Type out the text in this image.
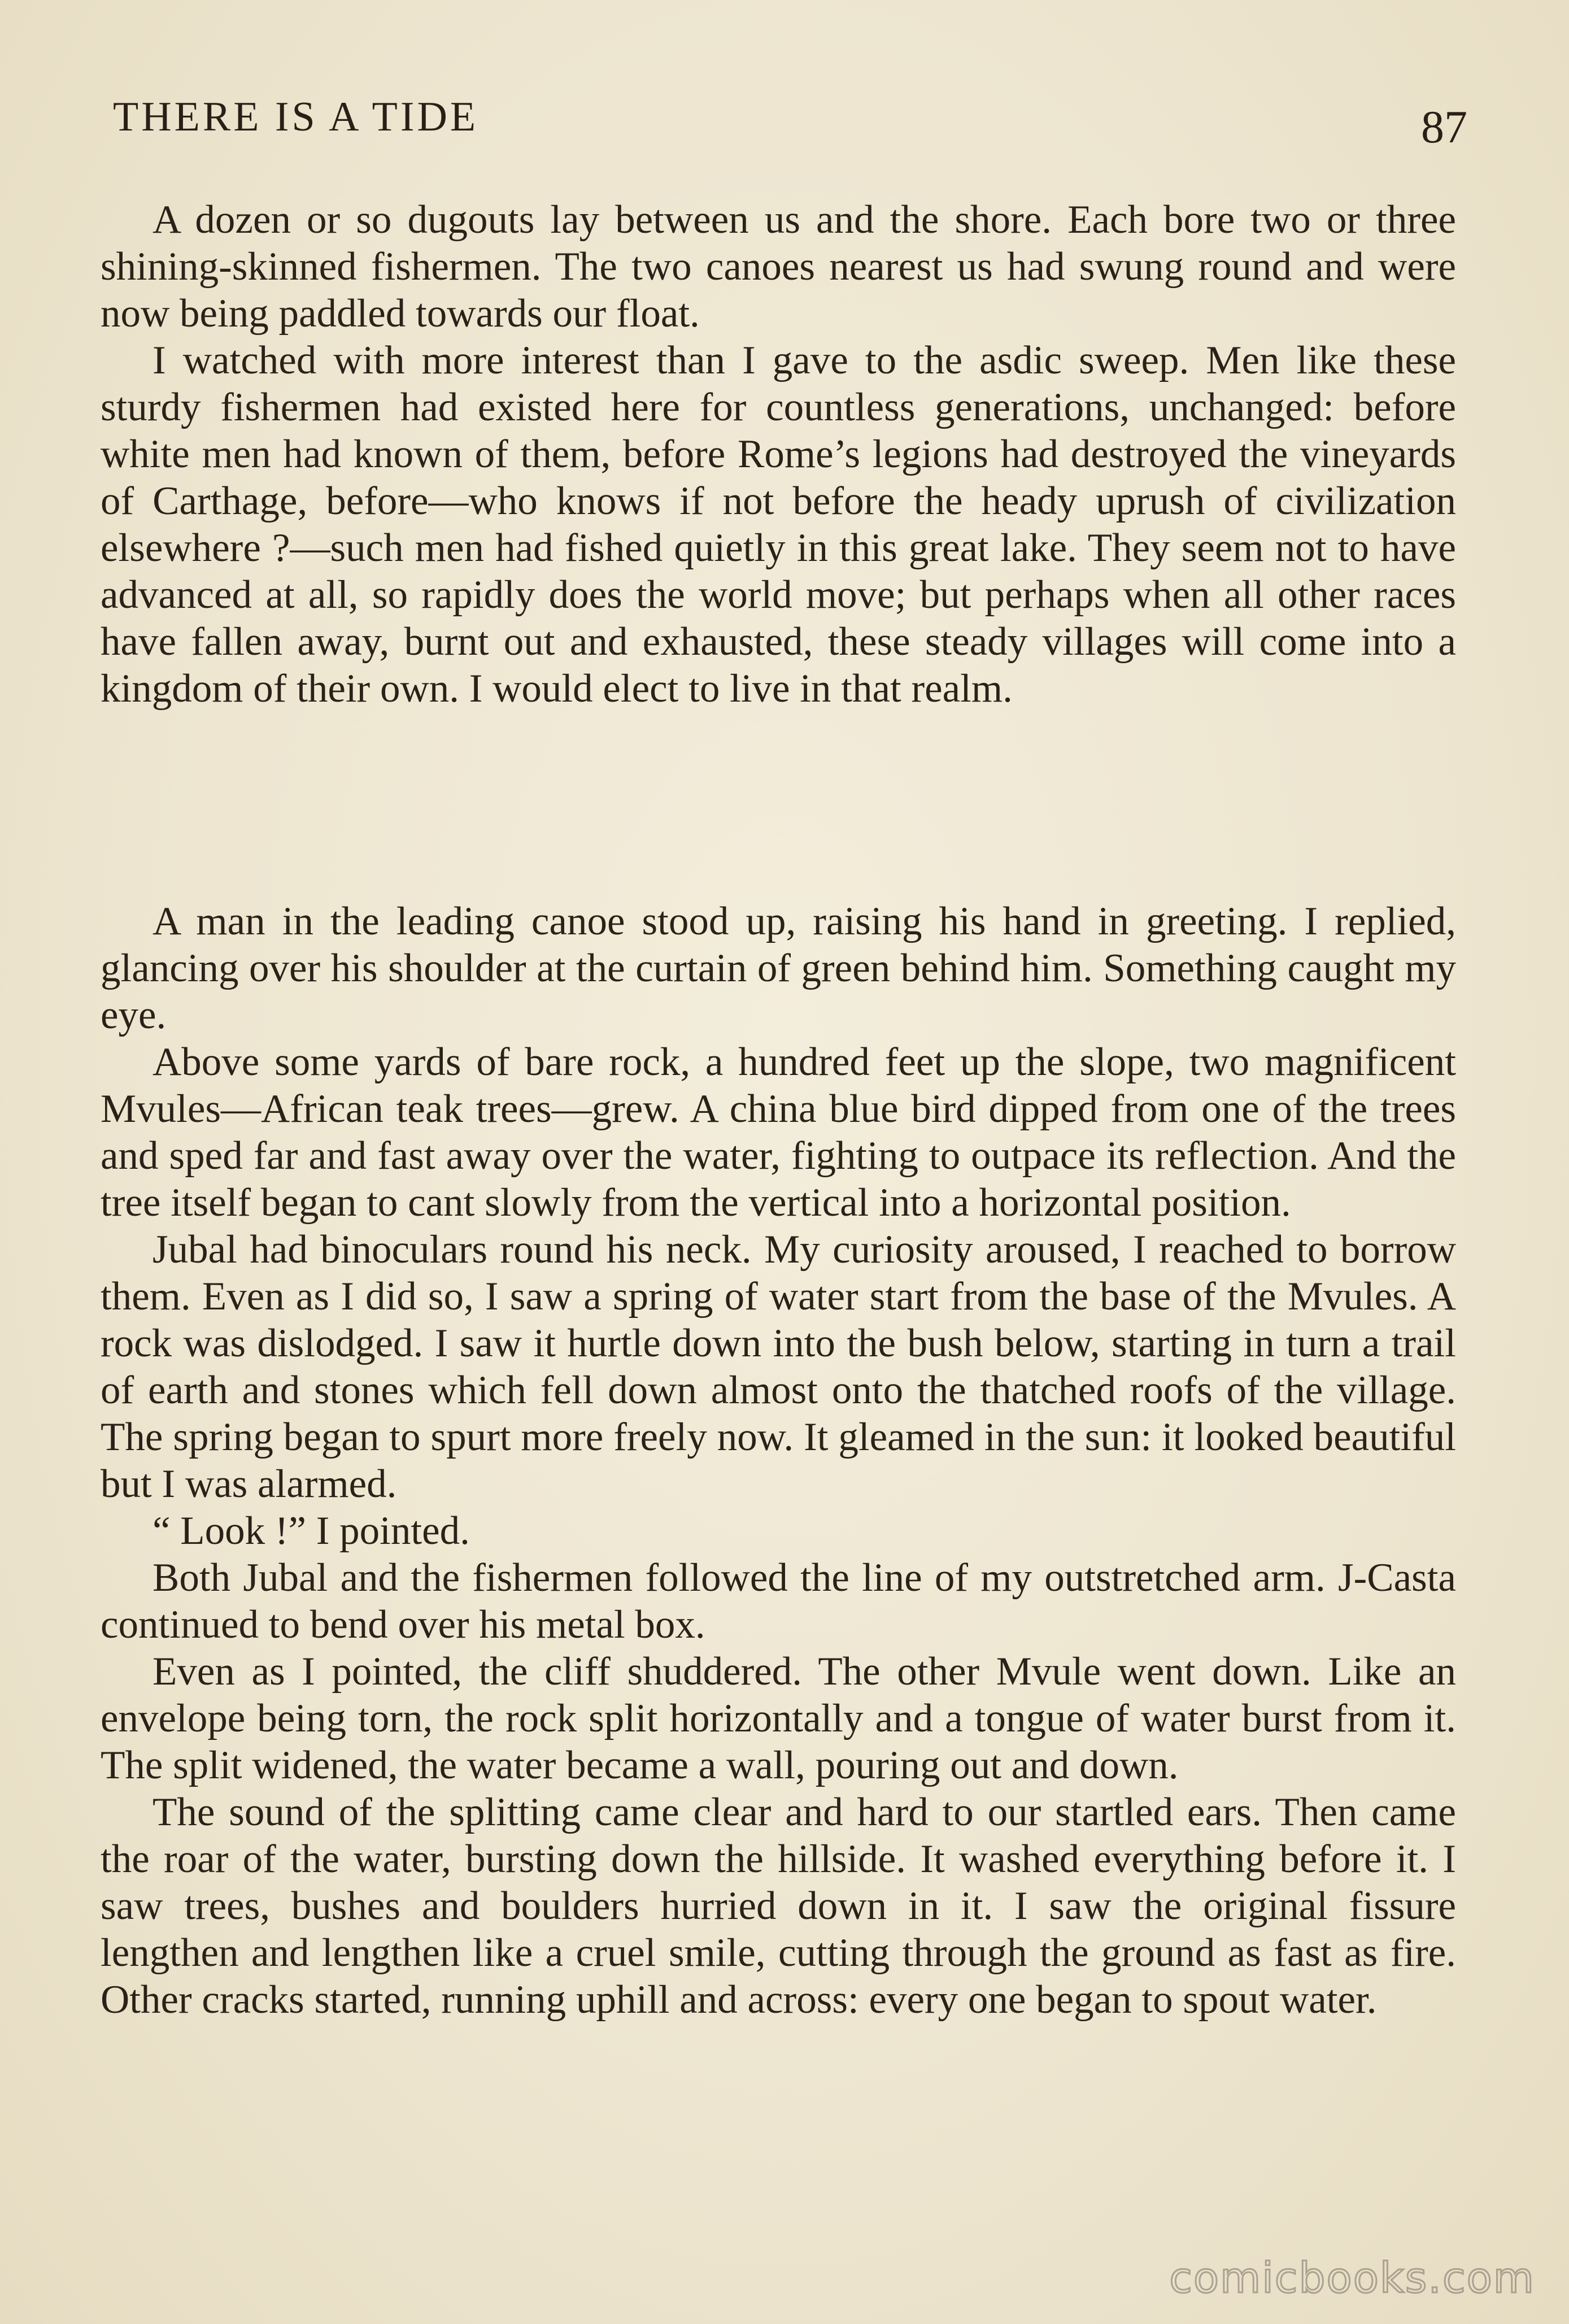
THERE IS A TIDE	87

A dozen or so dugouts lay between us and the shore. Each bore two or three shining-skinned fishermen. The two canoes nearest us had swung round and were now being paddled towards our float.

I watched with more interest than I gave to the asdic sweep. Men like these sturdy fishermen had existed here for countless generations, unchanged: before white men had known of them, before Rome’s legions had destroyed the vineyards of Carthage, before—who knows if not before the heady uprush of civilization elsewhere ?—such men had fished quietly in this great lake. They seem not to have advanced at all, so rapidly does the world move; but perhaps when all other races have fallen away, burnt out and exhausted, these steady villages will come into a kingdom of their own. I would elect to live in that realm.

A man in the leading canoe stood up, raising his hand in greeting. I replied, glancing over his shoulder at the curtain of green behind him. Something caught my eye.

Above some yards of bare rock, a hundred feet up the slope, two magnificent Mvules—African teak trees—grew. A china blue bird dipped from one of the trees and sped far and fast away over the water, fighting to outpace its reflection. And the tree itself began to cant slowly from the vertical into a horizontal position.

Jubal had binoculars round his neck. My curiosity aroused, I reached to borrow them. Even as I did so, I saw a spring of water start from the base of the Mvules. A rock was dislodged. I saw it hurtle down into the bush below, starting in turn a trail of earth and stones which fell down almost onto the thatched roofs of the village. The spring began to spurt more freely now. It gleamed in the sun: it looked beautiful but I was alarmed.

“ Look !” I pointed.

Both Jubal and the fishermen followed the line of my outstretched arm. J-Casta continued to bend over his metal box.

Even as I pointed, the cliff shuddered. The other Mvule went down. Like an envelope being torn, the rock split horizontally and a tongue of water burst from it. The split widened, the water became a wall, pouring out and down.

The sound of the splitting came clear and hard to our startled ears. Then came the roar of the water, bursting down the hillside. It washed everything before it. I saw trees, bushes and boulders hurried down in it. I saw the original fissure lengthen and lengthen like a cruel smile, cutting through the ground as fast as fire. Other cracks started, running uphill and across: every one began to spout water.

comicbooks.com
